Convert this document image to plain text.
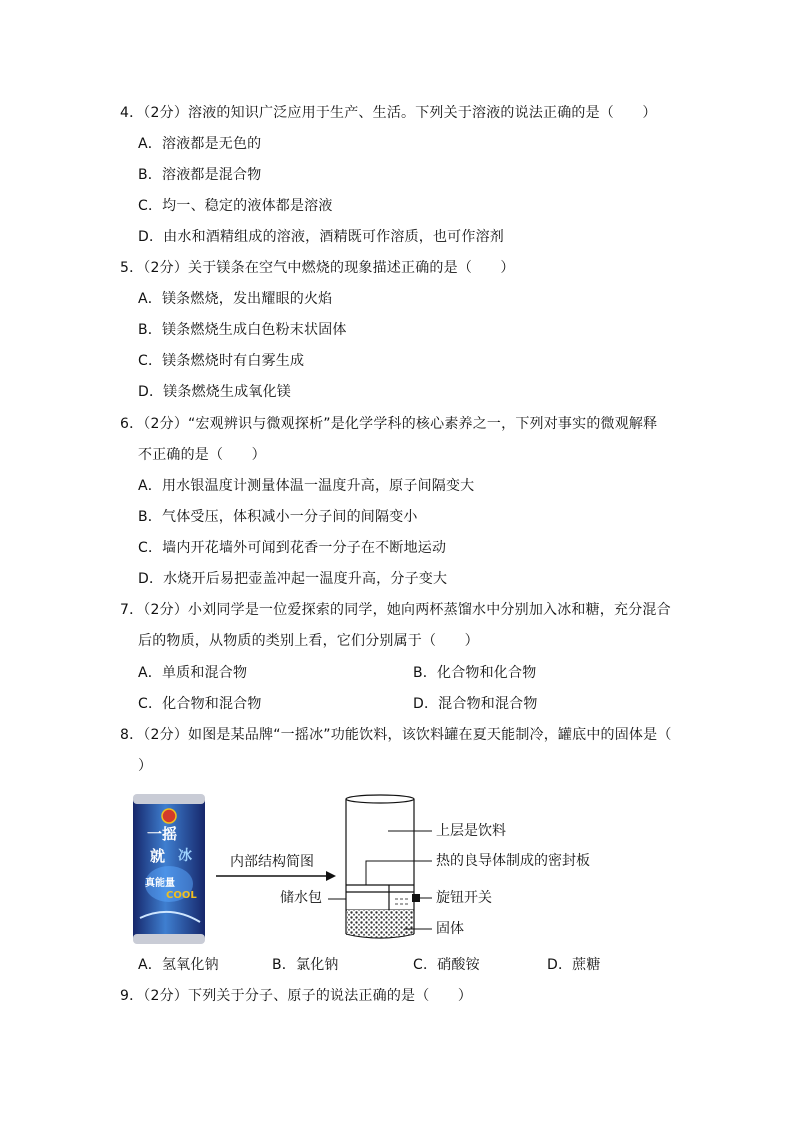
4．（2分）溶液的知识广泛应用于生产、生活。下列关于溶液的说法正确的是（　　）
A．溶液都是无色的
B．溶液都是混合物
C．均一、稳定的液体都是溶液
D．由水和酒精组成的溶液，酒精既可作溶质，也可作溶剂
5．（2分）关于镁条在空气中燃烧的现象描述正确的是（　　）
A．镁条燃烧，发出耀眼的火焰
B．镁条燃烧生成白色粉末状固体
C．镁条燃烧时有白雾生成
D．镁条燃烧生成氧化镁
6．（2分）“宏观辨识与微观探析”是化学学科的核心素养之一，下列对事实的微观解释
不正确的是（　　）
A．用水银温度计测量体温一温度升高，原子间隔变大
B．气体受压，体积减小一分子间的间隔变小
C．墙内开花墙外可闻到花香一分子在不断地运动
D．水烧开后易把壶盖冲起一温度升高，分子变大
7．（2分）小刘同学是一位爱探索的同学，她向两杯蒸馏水中分别加入冰和糖，充分混合
后的物质，从物质的类别上看，它们分别属于（　　）
A．单质和混合物	B．化合物和化合物
C．化合物和混合物	D．混合物和混合物
8．（2分）如图是某品牌“一摇冰”功能饮料，该饮料罐在夏天能制冷，罐底中的固体是（
）
一摇
冰
就
真能量
COOL
内部结构简图
上层是饮料
热的良导体制成的密封板
储水包	旋钮开关
固体
A．氢氧化钠	B．氯化钠	C．硝酸铵	D．蔗糖
9．（2分）下列关于分子、原子的说法正确的是（　　）
